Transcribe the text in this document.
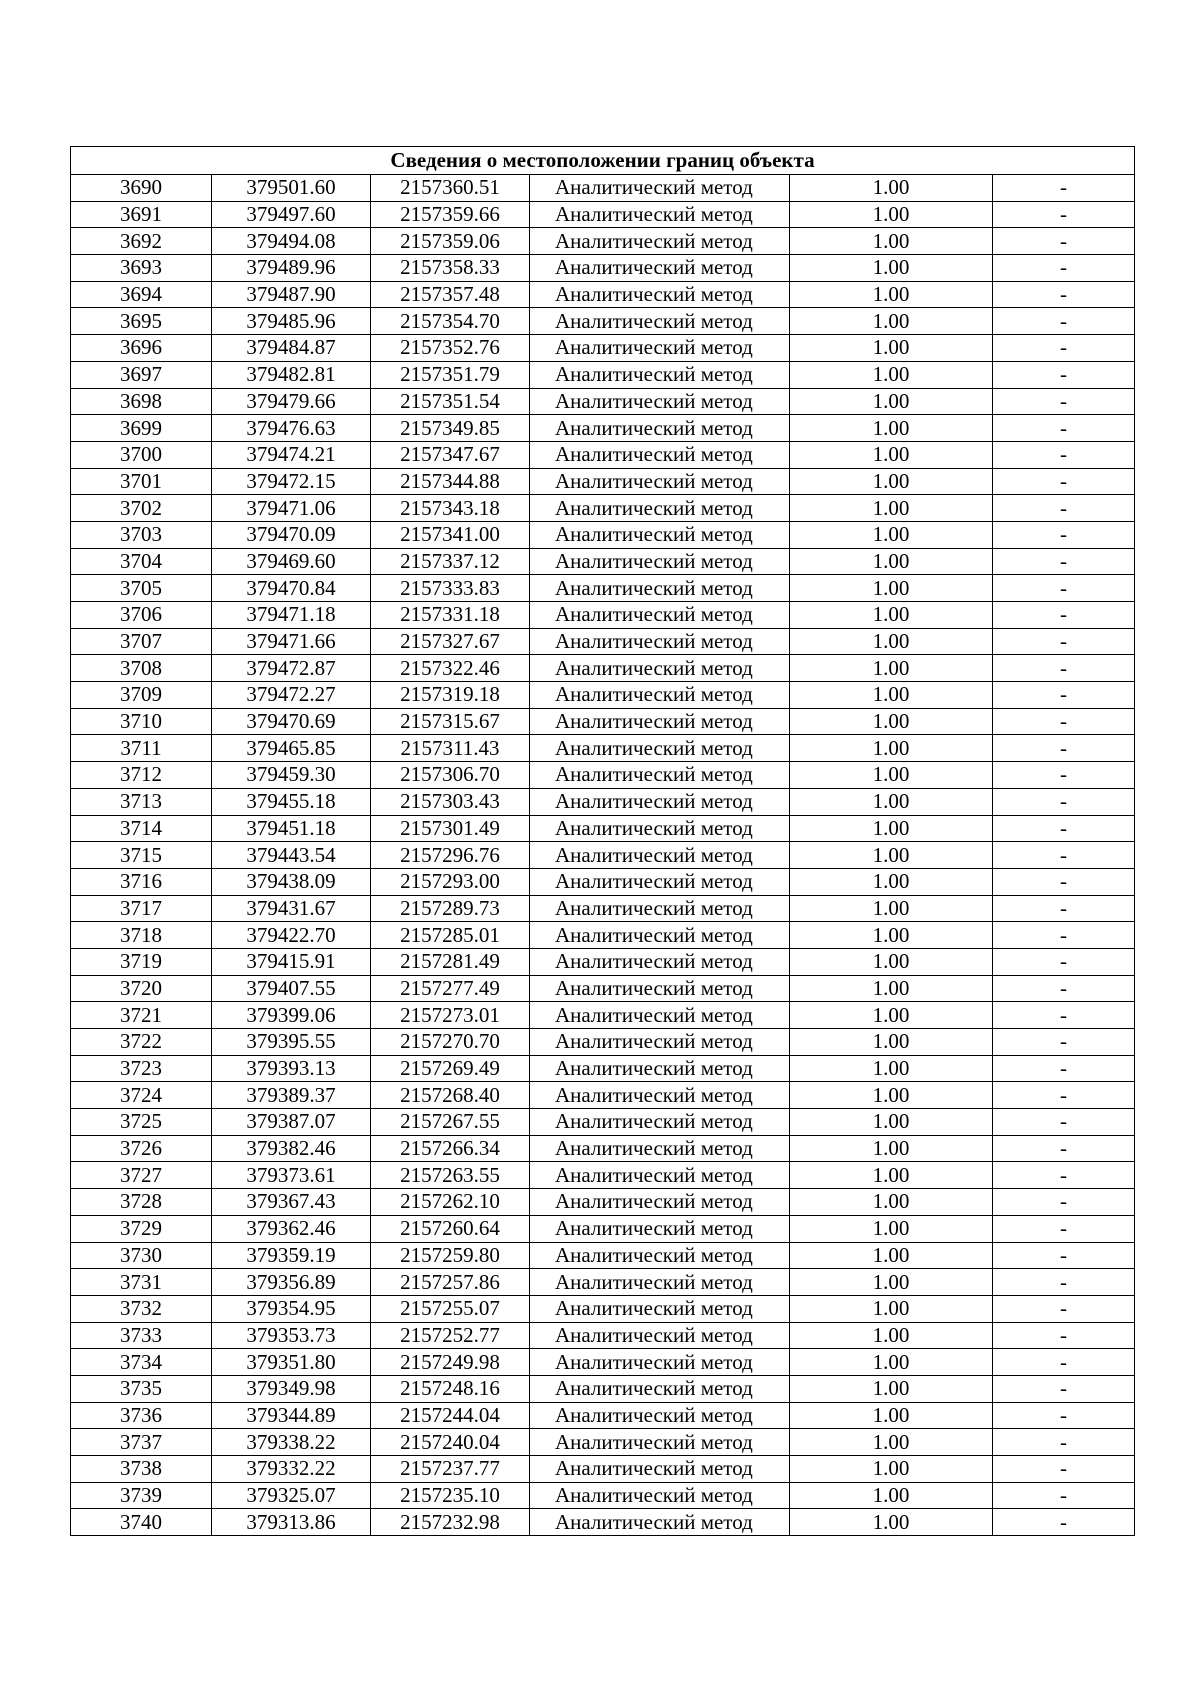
Сведения о местоположении границ объекта					
3690	379501.60	2157360.51	Аналитический метод	1.00	-
3691	379497.60	2157359.66	Аналитический метод	1.00	-
3692	379494.08	2157359.06	Аналитический метод	1.00	-
3693	379489.96	2157358.33	Аналитический метод	1.00	-
3694	379487.90	2157357.48	Аналитический метод	1.00	-
3695	379485.96	2157354.70	Аналитический метод	1.00	-
3696	379484.87	2157352.76	Аналитический метод	1.00	-
3697	379482.81	2157351.79	Аналитический метод	1.00	-
3698	379479.66	2157351.54	Аналитический метод	1.00	-
3699	379476.63	2157349.85	Аналитический метод	1.00	-
3700	379474.21	2157347.67	Аналитический метод	1.00	-
3701	379472.15	2157344.88	Аналитический метод	1.00	-
3702	379471.06	2157343.18	Аналитический метод	1.00	-
3703	379470.09	2157341.00	Аналитический метод	1.00	-
3704	379469.60	2157337.12	Аналитический метод	1.00	-
3705	379470.84	2157333.83	Аналитический метод	1.00	-
3706	379471.18	2157331.18	Аналитический метод	1.00	-
3707	379471.66	2157327.67	Аналитический метод	1.00	-
3708	379472.87	2157322.46	Аналитический метод	1.00	-
3709	379472.27	2157319.18	Аналитический метод	1.00	-
3710	379470.69	2157315.67	Аналитический метод	1.00	-
3711	379465.85	2157311.43	Аналитический метод	1.00	-
3712	379459.30	2157306.70	Аналитический метод	1.00	-
3713	379455.18	2157303.43	Аналитический метод	1.00	-
3714	379451.18	2157301.49	Аналитический метод	1.00	-
3715	379443.54	2157296.76	Аналитический метод	1.00	-
3716	379438.09	2157293.00	Аналитический метод	1.00	-
3717	379431.67	2157289.73	Аналитический метод	1.00	-
3718	379422.70	2157285.01	Аналитический метод	1.00	-
3719	379415.91	2157281.49	Аналитический метод	1.00	-
3720	379407.55	2157277.49	Аналитический метод	1.00	-
3721	379399.06	2157273.01	Аналитический метод	1.00	-
3722	379395.55	2157270.70	Аналитический метод	1.00	-
3723	379393.13	2157269.49	Аналитический метод	1.00	-
3724	379389.37	2157268.40	Аналитический метод	1.00	-
3725	379387.07	2157267.55	Аналитический метод	1.00	-
3726	379382.46	2157266.34	Аналитический метод	1.00	-
3727	379373.61	2157263.55	Аналитический метод	1.00	-
3728	379367.43	2157262.10	Аналитический метод	1.00	-
3729	379362.46	2157260.64	Аналитический метод	1.00	-
3730	379359.19	2157259.80	Аналитический метод	1.00	-
3731	379356.89	2157257.86	Аналитический метод	1.00	-
3732	379354.95	2157255.07	Аналитический метод	1.00	-
3733	379353.73	2157252.77	Аналитический метод	1.00	-
3734	379351.80	2157249.98	Аналитический метод	1.00	-
3735	379349.98	2157248.16	Аналитический метод	1.00	-
3736	379344.89	2157244.04	Аналитический метод	1.00	-
3737	379338.22	2157240.04	Аналитический метод	1.00	-
3738	379332.22	2157237.77	Аналитический метод	1.00	-
3739	379325.07	2157235.10	Аналитический метод	1.00	-
3740	379313.86	2157232.98	Аналитический метод	1.00	-
